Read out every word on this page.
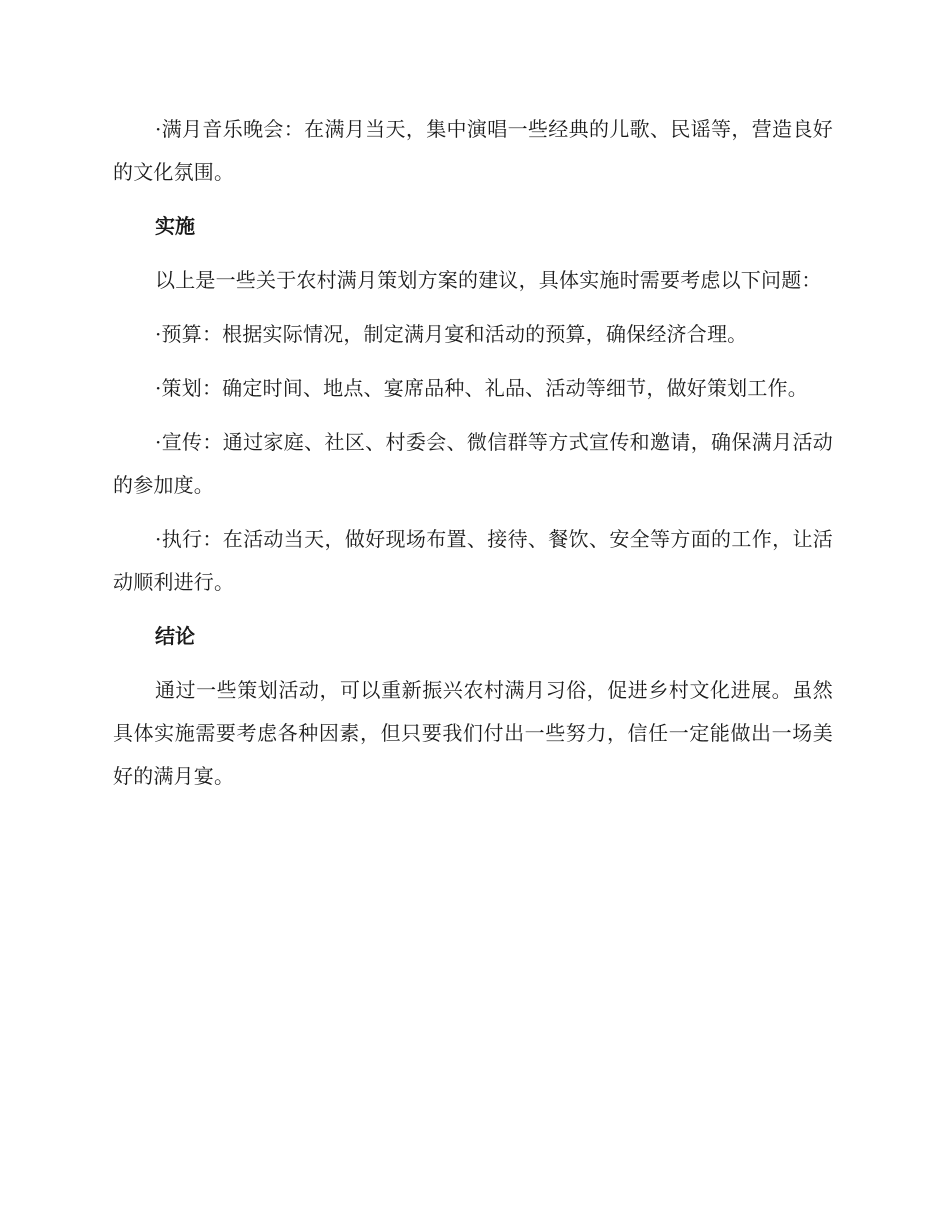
·满月音乐晚会：在满月当天，集中演唱一些经典的儿歌、民谣等，营造良好的文化氛围。

实施

以上是一些关于农村满月策划方案的建议，具体实施时需要考虑以下问题：

·预算：根据实际情况，制定满月宴和活动的预算，确保经济合理。

·策划：确定时间、地点、宴席品种、礼品、活动等细节，做好策划工作。

·宣传：通过家庭、社区、村委会、微信群等方式宣传和邀请，确保满月活动的参加度。

·执行：在活动当天，做好现场布置、接待、餐饮、安全等方面的工作，让活动顺利进行。

结论

通过一些策划活动，可以重新振兴农村满月习俗，促进乡村文化进展。虽然具体实施需要考虑各种因素，但只要我们付出一些努力，信任一定能做出一场美好的满月宴。
